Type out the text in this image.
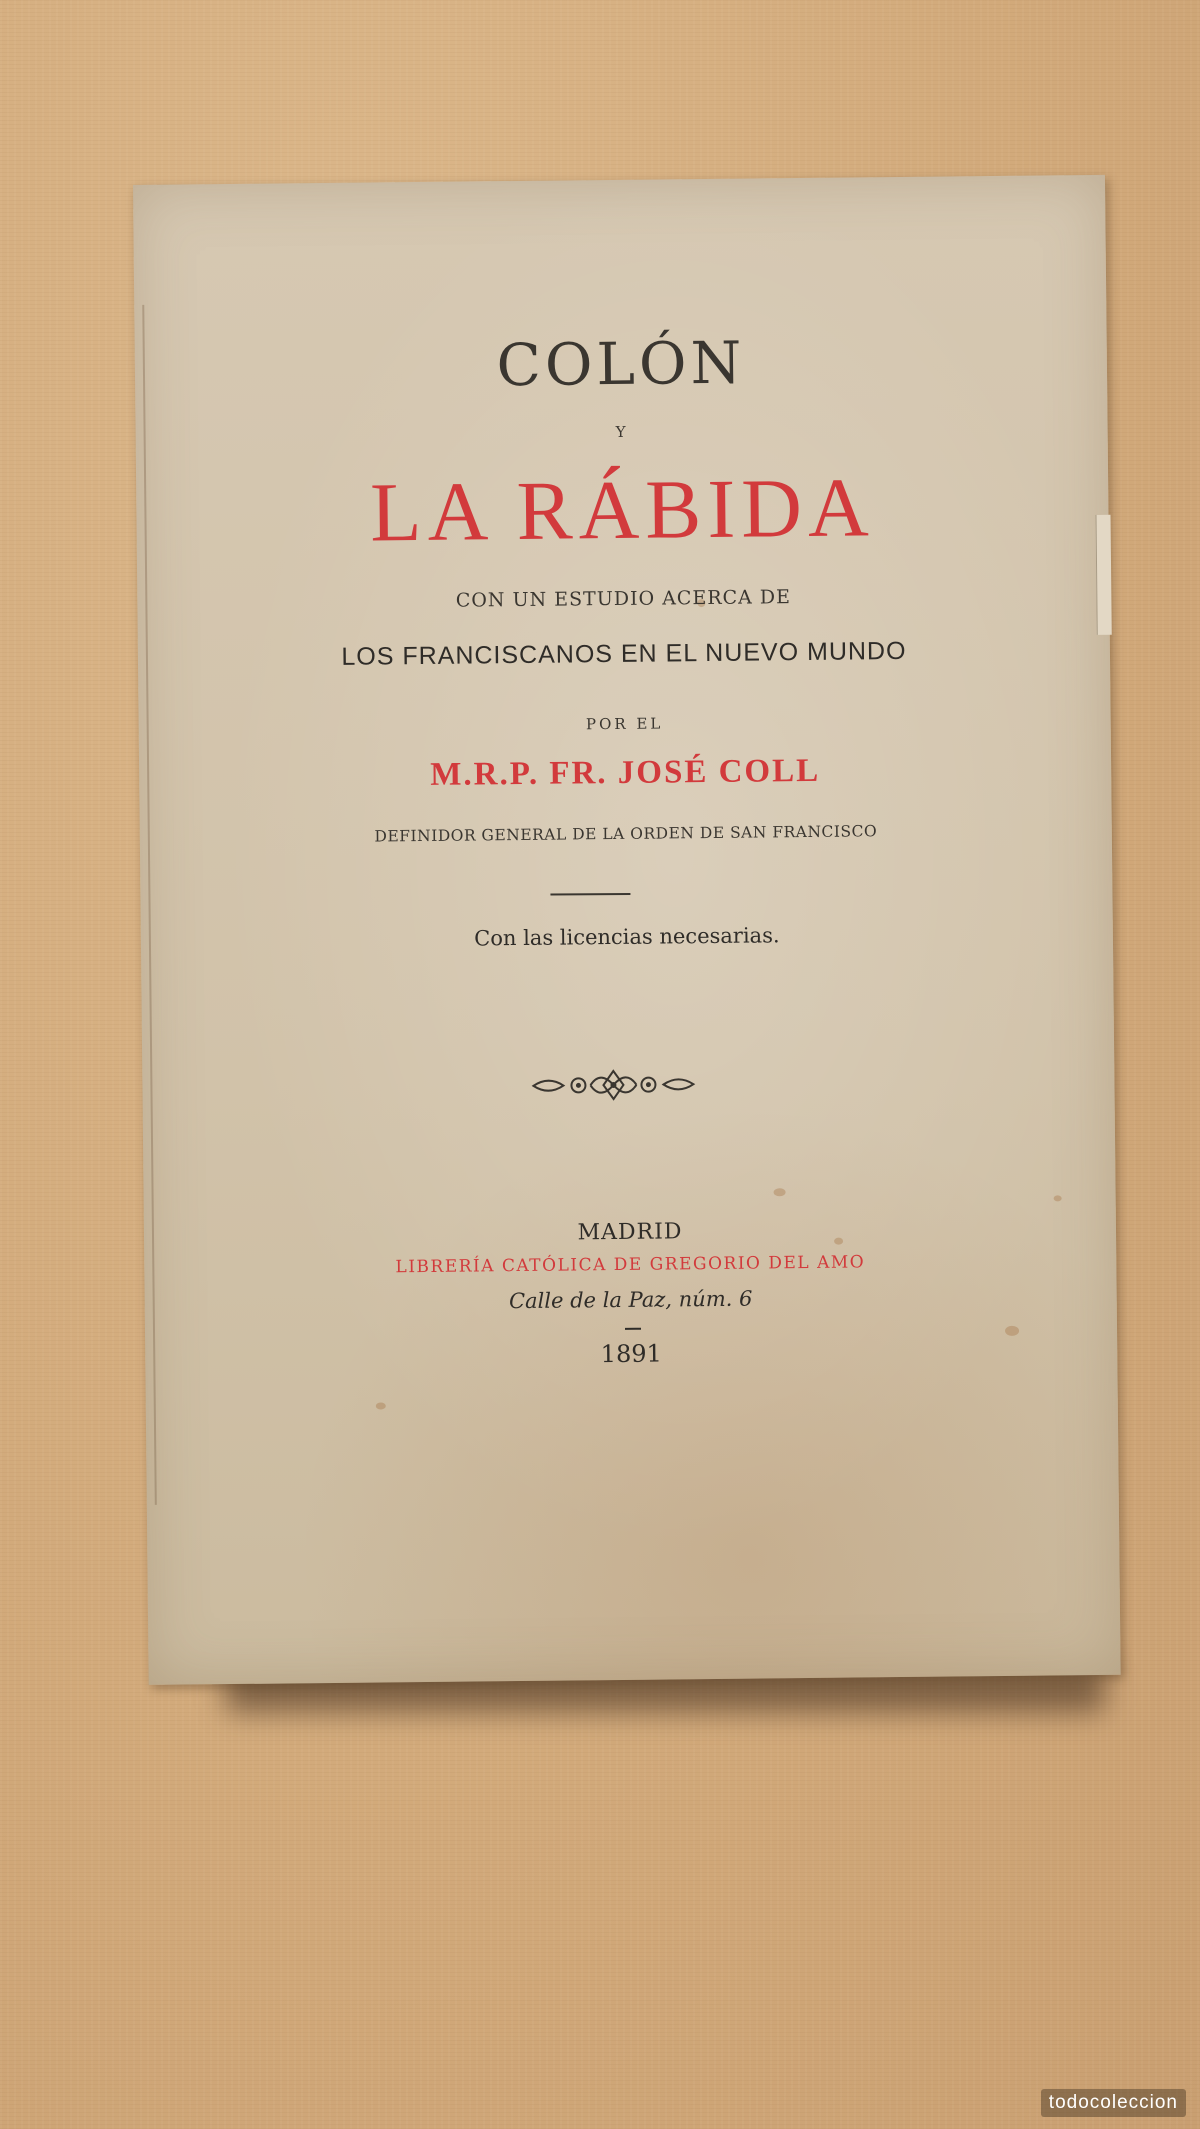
COLÓN

Y

LA RÁBIDA

CON UN ESTUDIO ACERCA DE

LOS FRANCISCANOS EN EL NUEVO MUNDO

POR EL

M.R.P. FR. JOSÉ COLL

DEFINIDOR GENERAL DE LA ORDEN DE SAN FRANCISCO

Con las licencias necesarias.

MADRID

LIBRERÍA CATÓLICA DE GREGORIO DEL AMO

Calle de la Paz, núm. 6

1891

todocoleccion
